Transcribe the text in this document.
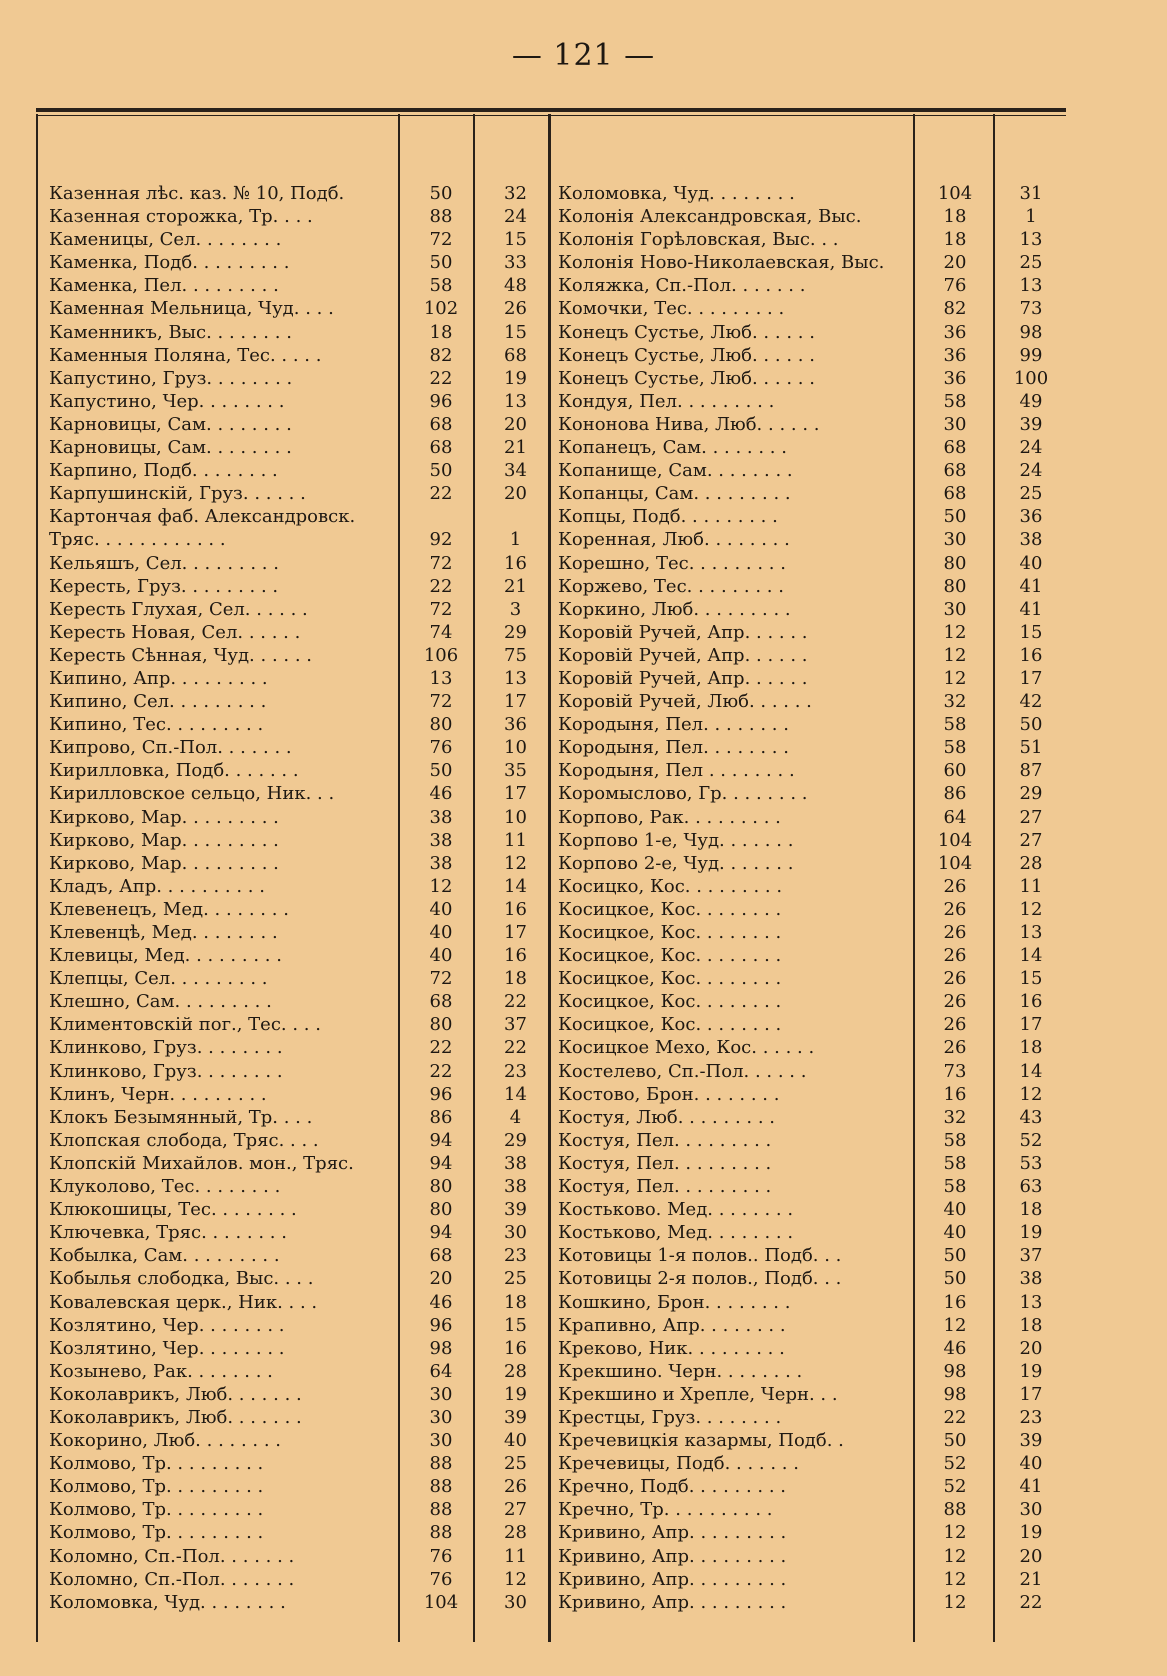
— 121 —
Казенная лѣс. каз. № 10, Подб.	50	32
Казенная сторожка, Тр. . . .	88	24
Каменицы, Сел. . . . . . . .	72	15
Каменка, Подб. . . . . . . . .	50	33
Каменка, Пел. . . . . . . . .	58	48
Каменная Мельница, Чуд. . . .	102	26
Каменникъ, Выс. . . . . . . .	18	15
Каменныя Поляна, Тес. . . . .	82	68
Капустино, Груз. . . . . . . .	22	19
Капустино, Чер. . . . . . . .	96	13
Карновицы, Сам. . . . . . . .	68	20
Карновицы, Сам. . . . . . . .	68	21
Карпино, Подб. . . . . . . .	50	34
Карпушинскій, Груз. . . . . .	22	20
Картончая фаб. Александровск.
Тряс. . . . . . . . . . . .	92	1
Кельяшъ, Сел. . . . . . . . .	72	16
Кересть, Груз. . . . . . . . .	22	21
Кересть Глухая, Сел. . . . . .	72	3
Кересть Новая, Сел. . . . . .	74	29
Кересть Сѣнная, Чуд. . . . . .	106	75
Кипино, Апр. . . . . . . . .	13	13
Кипино, Сел. . . . . . . . .	72	17
Кипино, Тес. . . . . . . . .	80	36
Кипрово, Сп.-Пол. . . . . . .	76	10
Кирилловка, Подб. . . . . . .	50	35
Кирилловское сельцо, Ник. . .	46	17
Кирково, Мар. . . . . . . . .	38	10
Кирково, Мар. . . . . . . . .	38	11
Кирково, Мар. . . . . . . . .	38	12
Кладъ, Апр. . . . . . . . . .	12	14
Клевенецъ, Мед. . . . . . . .	40	16
Клевенцѣ, Мед. . . . . . . .	40	17
Клевицы, Мед. . . . . . . . .	40	16
Клепцы, Сел. . . . . . . . .	72	18
Клешно, Сам. . . . . . . . .	68	22
Климентовскій пог., Тес. . . .	80	37
Клинково, Груз. . . . . . . .	22	22
Клинково, Груз. . . . . . . .	22	23
Клинъ, Черн. . . . . . . . .	96	14
Клокъ Безымянный, Тр. . . .	86	4
Клопская слобода, Тряс. . . .	94	29
Клопскій Михайлов. мон., Тряс.	94	38
Клуколово, Тес. . . . . . . .	80	38
Клюкошицы, Тес. . . . . . . .	80	39
Ключевка, Тряс. . . . . . . .	94	30
Кобылка, Сам. . . . . . . . .	68	23
Кобылья слободка, Выс. . . .	20	25
Ковалевская церк., Ник. . . .	46	18
Козлятино, Чер. . . . . . . .	96	15
Козлятино, Чер. . . . . . . .	98	16
Козынево, Рак. . . . . . . .	64	28
Коколаврикъ, Люб. . . . . . .	30	19
Коколаврикъ, Люб. . . . . . .	30	39
Кокорино, Люб. . . . . . . .	30	40
Колмово, Тр. . . . . . . . .	88	25
Колмово, Тр. . . . . . . . .	88	26
Колмово, Тр. . . . . . . . .	88	27
Колмово, Тр. . . . . . . . .	88	28
Коломно, Сп.-Пол. . . . . . .	76	11
Коломно, Сп.-Пол. . . . . . .	76	12
Коломовка, Чуд. . . . . . . .	104	30
Коломовка, Чуд. . . . . . . .	104	31
Колонія Александровская, Выс.	18	1
Колонія Горѣловская, Выс. . .	18	13
Колонія Ново-Николаевская, Выс.	20	25
Коляжка, Сп.-Пол. . . . . . .	76	13
Комочки, Тес. . . . . . . . .	82	73
Конецъ Сустье, Люб. . . . . .	36	98
Конецъ Сустье, Люб. . . . . .	36	99
Конецъ Сустье, Люб. . . . . .	36	100
Кондуя, Пел. . . . . . . . .	58	49
Кононова Нива, Люб. . . . . .	30	39
Копанецъ, Сам. . . . . . . .	68	24
Копанище, Сам. . . . . . . .	68	24
Копанцы, Сам. . . . . . . . .	68	25
Копцы, Подб. . . . . . . . .	50	36
Коренная, Люб. . . . . . . .	30	38
Корешно, Тес. . . . . . . . .	80	40
Коржево, Тес. . . . . . . . .	80	41
Коркино, Люб. . . . . . . . .	30	41
Коровій Ручей, Апр. . . . . .	12	15
Коровій Ручей, Апр. . . . . .	12	16
Коровій Ручей, Апр. . . . . .	12	17
Коровій Ручей, Люб. . . . . .	32	42
Кородыня, Пел. . . . . . . .	58	50
Кородыня, Пел. . . . . . . .	58	51
Кородыня, Пел . . . . . . . .	60	87
Коромыслово, Гр. . . . . . . .	86	29
Корпово, Рак. . . . . . . . .	64	27
Корпово 1-е, Чуд. . . . . . .	104	27
Корпово 2-е, Чуд. . . . . . .	104	28
Косицко, Кос. . . . . . . . .	26	11
Косицкое, Кос. . . . . . . .	26	12
Косицкое, Кос. . . . . . . .	26	13
Косицкое, Кос. . . . . . . .	26	14
Косицкое, Кос. . . . . . . .	26	15
Косицкое, Кос. . . . . . . .	26	16
Косицкое, Кос. . . . . . . .	26	17
Косицкое Мехо, Кос. . . . . .	26	18
Костелево, Сп.-Пол. . . . . .	73	14
Костово, Брон. . . . . . . .	16	12
Костуя, Люб. . . . . . . . .	32	43
Костуя, Пел. . . . . . . . .	58	52
Костуя, Пел. . . . . . . . .	58	53
Костуя, Пел. . . . . . . . .	58	63
Костьково. Мед. . . . . . . .	40	18
Костьково, Мед. . . . . . . .	40	19
Котовицы 1-я полов.. Подб. . .	50	37
Котовицы 2-я полов., Подб. . .	50	38
Кошкино, Брон. . . . . . . .	16	13
Крапивно, Апр. . . . . . . .	12	18
Креково, Ник. . . . . . . . .	46	20
Крекшино. Черн. . . . . . . .	98	19
Крекшино и Хрепле, Черн. . .	98	17
Крестцы, Груз. . . . . . . .	22	23
Кречевицкія казармы, Подб. .	50	39
Кречевицы, Подб. . . . . . .	52	40
Кречно, Подб. . . . . . . . .	52	41
Кречно, Тр. . . . . . . . . .	88	30
Кривино, Апр. . . . . . . . .	12	19
Кривино, Апр. . . . . . . . .	12	20
Кривино, Апр. . . . . . . . .	12	21
Кривино, Апр. . . . . . . . .	12	22
